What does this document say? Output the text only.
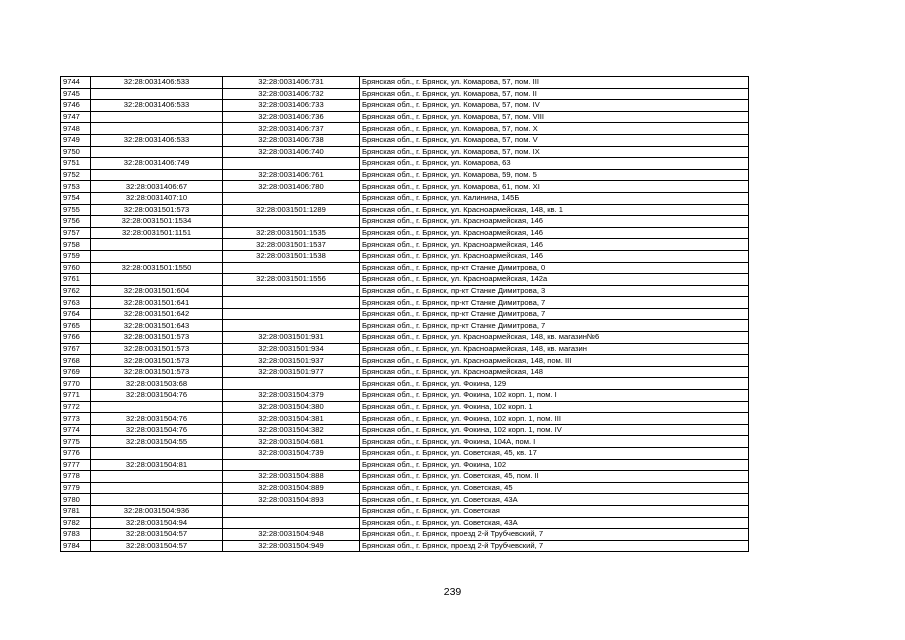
9744	32:28:0031406:533	32:28:0031406:731	Брянская обл., г. Брянск, ул. Комарова, 57, пом. III
9745		32:28:0031406:732	Брянская обл., г. Брянск, ул. Комарова, 57, пом. II
9746	32:28:0031406:533	32:28:0031406:733	Брянская обл., г. Брянск, ул. Комарова, 57, пом. IV
9747		32:28:0031406:736	Брянская обл., г. Брянск, ул. Комарова, 57, пом. VIII
9748		32:28:0031406:737	Брянская обл., г. Брянск, ул. Комарова, 57, пом. X
9749	32:28:0031406:533	32:28:0031406:738	Брянская обл., г. Брянск, ул. Комарова, 57, пом. V
9750		32:28:0031406:740	Брянская обл., г. Брянск, ул. Комарова, 57, пом. IX
9751	32:28:0031406:749		Брянская обл., г. Брянск, ул. Комарова, 63
9752		32:28:0031406:761	Брянская обл., г. Брянск, ул. Комарова, 59, пом. 5
9753	32:28:0031406:67	32:28:0031406:780	Брянская обл., г. Брянск, ул. Комарова, 61, пом. XI
9754	32:28:0031407:10		Брянская обл., г. Брянск, ул. Калинина, 145Б
9755	32:28:0031501:573	32:28:0031501:1289	Брянская обл., г. Брянск, ул. Красноармейская, 148, кв. 1
9756	32:28:0031501:1534		Брянская обл., г. Брянск, ул. Красноармейская, 146
9757	32:28:0031501:1151	32:28:0031501:1535	Брянская обл., г. Брянск, ул. Красноармейская, 146
9758		32:28:0031501:1537	Брянская обл., г. Брянск, ул. Красноармейская, 146
9759		32:28:0031501:1538	Брянская обл., г. Брянск, ул. Красноармейская, 146
9760	32:28:0031501:1550		Брянская обл., г. Брянск, пр-кт Станке Димитрова, 0
9761		32:28:0031501:1556	Брянская обл., г. Брянск, ул. Красноармейская, 142а
9762	32:28:0031501:604		Брянская обл., г. Брянск, пр-кт Станке Димитрова, 3
9763	32:28:0031501:641		Брянская обл., г. Брянск, пр-кт Станке Димитрова, 7
9764	32:28:0031501:642		Брянская обл., г. Брянск, пр-кт Станке Димитрова, 7
9765	32:28:0031501:643		Брянская обл., г. Брянск, пр-кт Станке Димитрова, 7
9766	32:28:0031501:573	32:28:0031501:931	Брянская обл., г. Брянск, ул. Красноармейская, 148, кв. магазин№6
9767	32:28:0031501:573	32:28:0031501:934	Брянская обл., г. Брянск, ул. Красноармейская, 148, кв. магазин
9768	32:28:0031501:573	32:28:0031501:937	Брянская обл., г. Брянск, ул. Красноармейская, 148, пом. III
9769	32:28:0031501:573	32:28:0031501:977	Брянская обл., г. Брянск, ул. Красноармейская, 148
9770	32:28:0031503:68		Брянская обл., г. Брянск, ул. Фокина, 129
9771	32:28:0031504:76	32:28:0031504:379	Брянская обл., г. Брянск, ул. Фокина, 102 корп. 1, пом. I
9772		32:28:0031504:380	Брянская обл., г. Брянск, ул. Фокина, 102 корп. 1
9773	32:28:0031504:76	32:28:0031504:381	Брянская обл., г. Брянск, ул. Фокина, 102 корп. 1, пом. III
9774	32:28:0031504:76	32:28:0031504:382	Брянская обл., г. Брянск, ул. Фокина, 102 корп. 1, пом. IV
9775	32:28:0031504:55	32:28:0031504:681	Брянская обл., г. Брянск, ул. Фокина, 104А, пом. I
9776		32:28:0031504:739	Брянская обл., г. Брянск, ул. Советская, 45, кв. 17
9777	32:28:0031504:81		Брянская обл., г. Брянск, ул. Фокина, 102
9778		32:28:0031504:888	Брянская обл., г. Брянск, ул. Советская, 45, пом. II
9779		32:28:0031504:889	Брянская обл., г. Брянск, ул. Советская, 45
9780		32:28:0031504:893	Брянская обл., г. Брянск, ул. Советская, 43А
9781	32:28:0031504:936		Брянская обл., г. Брянск, ул. Советская
9782	32:28:0031504:94		Брянская обл., г. Брянск, ул. Советская, 43А
9783	32:28:0031504:57	32:28:0031504:948	Брянская обл., г. Брянск, проезд 2-й Трубчевский, 7
9784	32:28:0031504:57	32:28:0031504:949	Брянская обл., г. Брянск, проезд 2-й Трубчевский, 7
239
